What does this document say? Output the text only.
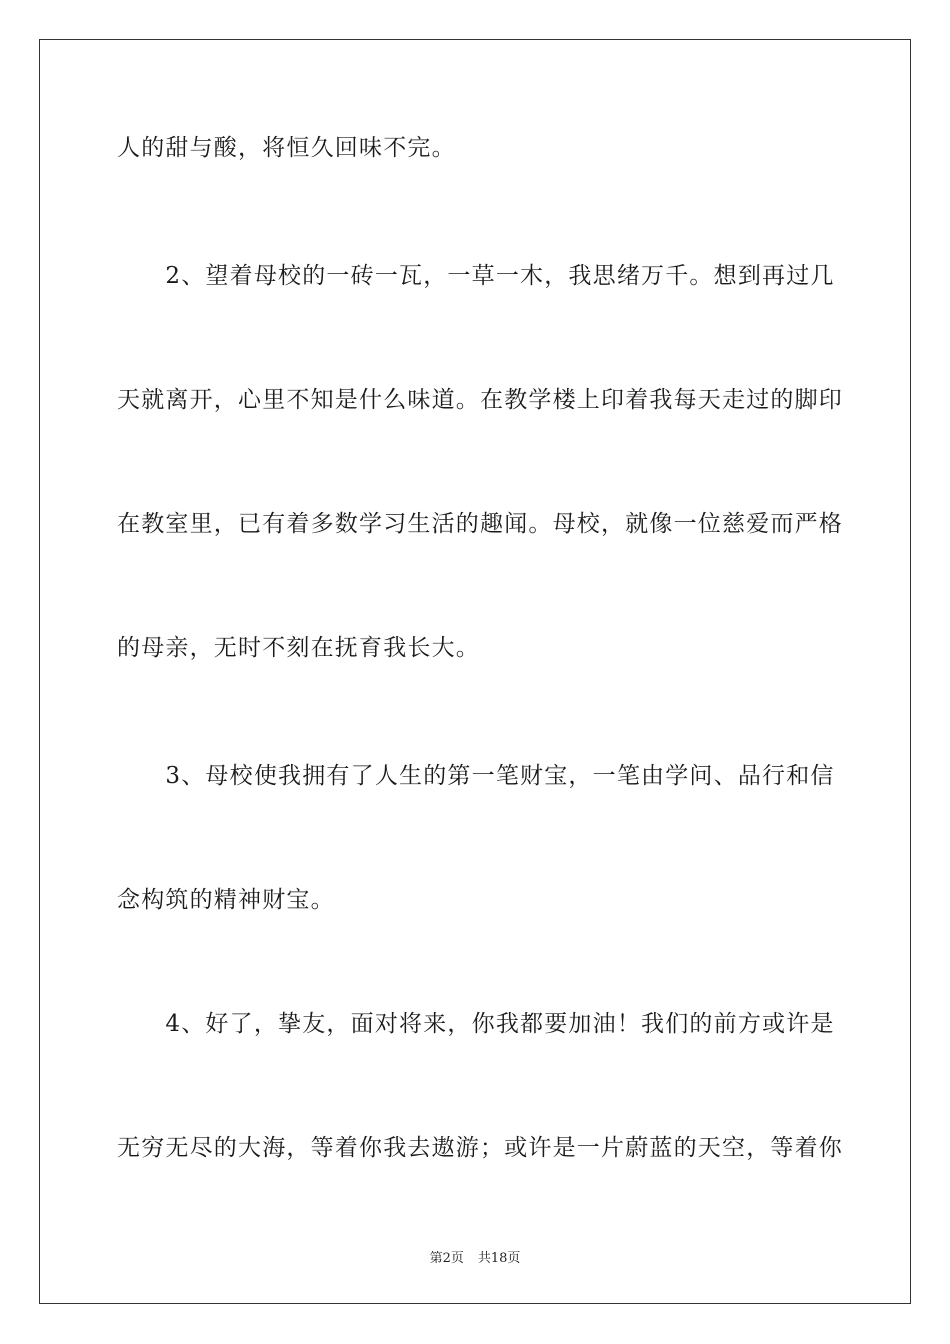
人的甜与酸，将恒久回味不完。
　　2、望着母校的一砖一瓦，一草一木，我思绪万千。想到再过几
天就离开，心里不知是什么味道。在教学楼上印着我每天走过的脚印
在教室里，已有着多数学习生活的趣闻。母校，就像一位慈爱而严格
的母亲，无时不刻在抚育我长大。
　　3、母校使我拥有了人生的第一笔财宝，一笔由学问、品行和信
念构筑的精神财宝。
　　4、好了，挚友，面对将来，你我都要加油！我们的前方或许是
无穷无尽的大海，等着你我去遨游；或许是一片蔚蓝的天空，等着你
第2页 共18页
